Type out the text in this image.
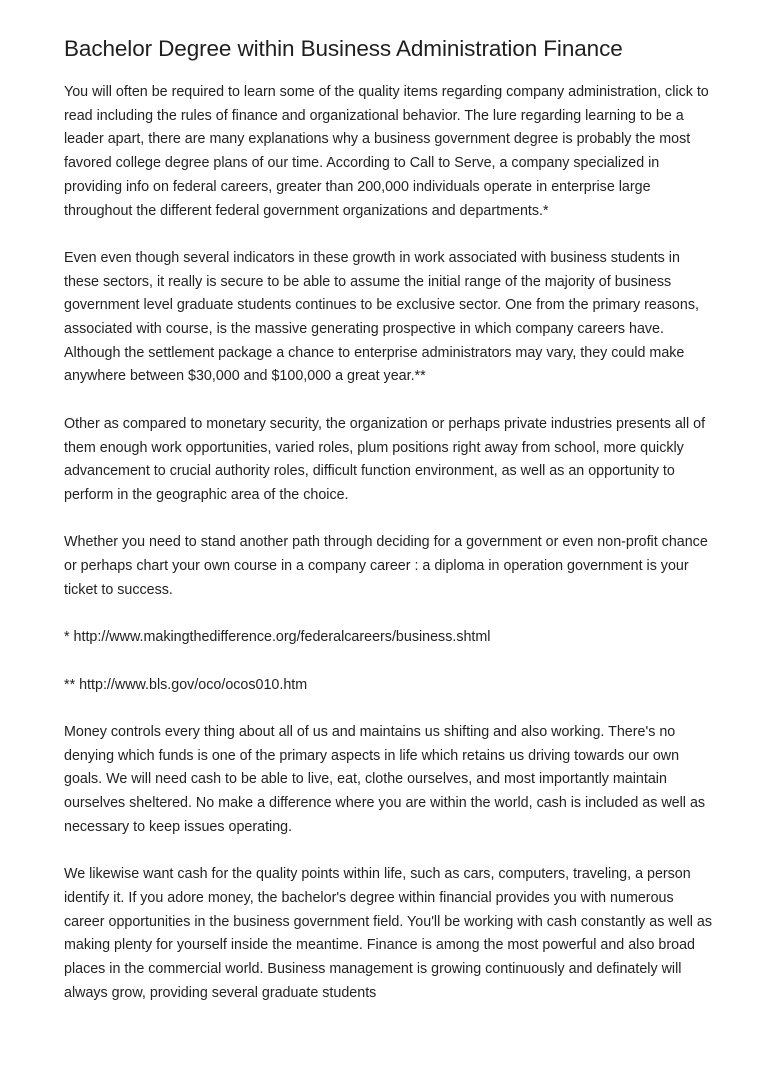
Bachelor Degree within Business Administration Finance

You will often be required to learn some of the quality items regarding company administration, click to read including the rules of finance and organizational behavior. The lure regarding learning to be a leader apart, there are many explanations why a business government degree is probably the most favored college degree plans of our time. According to Call to Serve, a company specialized in providing info on federal careers, greater than 200,000 individuals operate in enterprise large throughout the different federal government organizations and departments.*

Even even though several indicators in these growth in work associated with business students in these sectors, it really is secure to be able to assume the initial range of the majority of business government level graduate students continues to be exclusive sector. One from the primary reasons, associated with course, is the massive generating prospective in which company careers have. Although the settlement package a chance to enterprise administrators may vary, they could make anywhere between $30,000 and $100,000 a great year.**

Other as compared to monetary security, the organization or perhaps private industries presents all of them enough work opportunities, varied roles, plum positions right away from school, more quickly advancement to crucial authority roles, difficult function environment, as well as an opportunity to perform in the geographic area of the choice.

Whether you need to stand another path through deciding for a government or even non-profit chance or perhaps chart your own course in a company career : a diploma in operation government is your ticket to success.

* http://www.makingthedifference.org/federalcareers/business.shtml

** http://www.bls.gov/oco/ocos010.htm

Money controls every thing about all of us and maintains us shifting and also working. There's no denying which funds is one of the primary aspects in life which retains us driving towards our own goals. We will need cash to be able to live, eat, clothe ourselves, and most importantly maintain ourselves sheltered. No make a difference where you are within the world, cash is included as well as necessary to keep issues operating.

We likewise want cash for the quality points within life, such as cars, computers, traveling, a person identify it. If you adore money, the bachelor's degree within financial provides you with numerous career opportunities in the business government field. You'll be working with cash constantly as well as making plenty for yourself inside the meantime. Finance is among the most powerful and also broad places in the commercial world. Business management is growing continuously and definately will always grow, providing several graduate students
